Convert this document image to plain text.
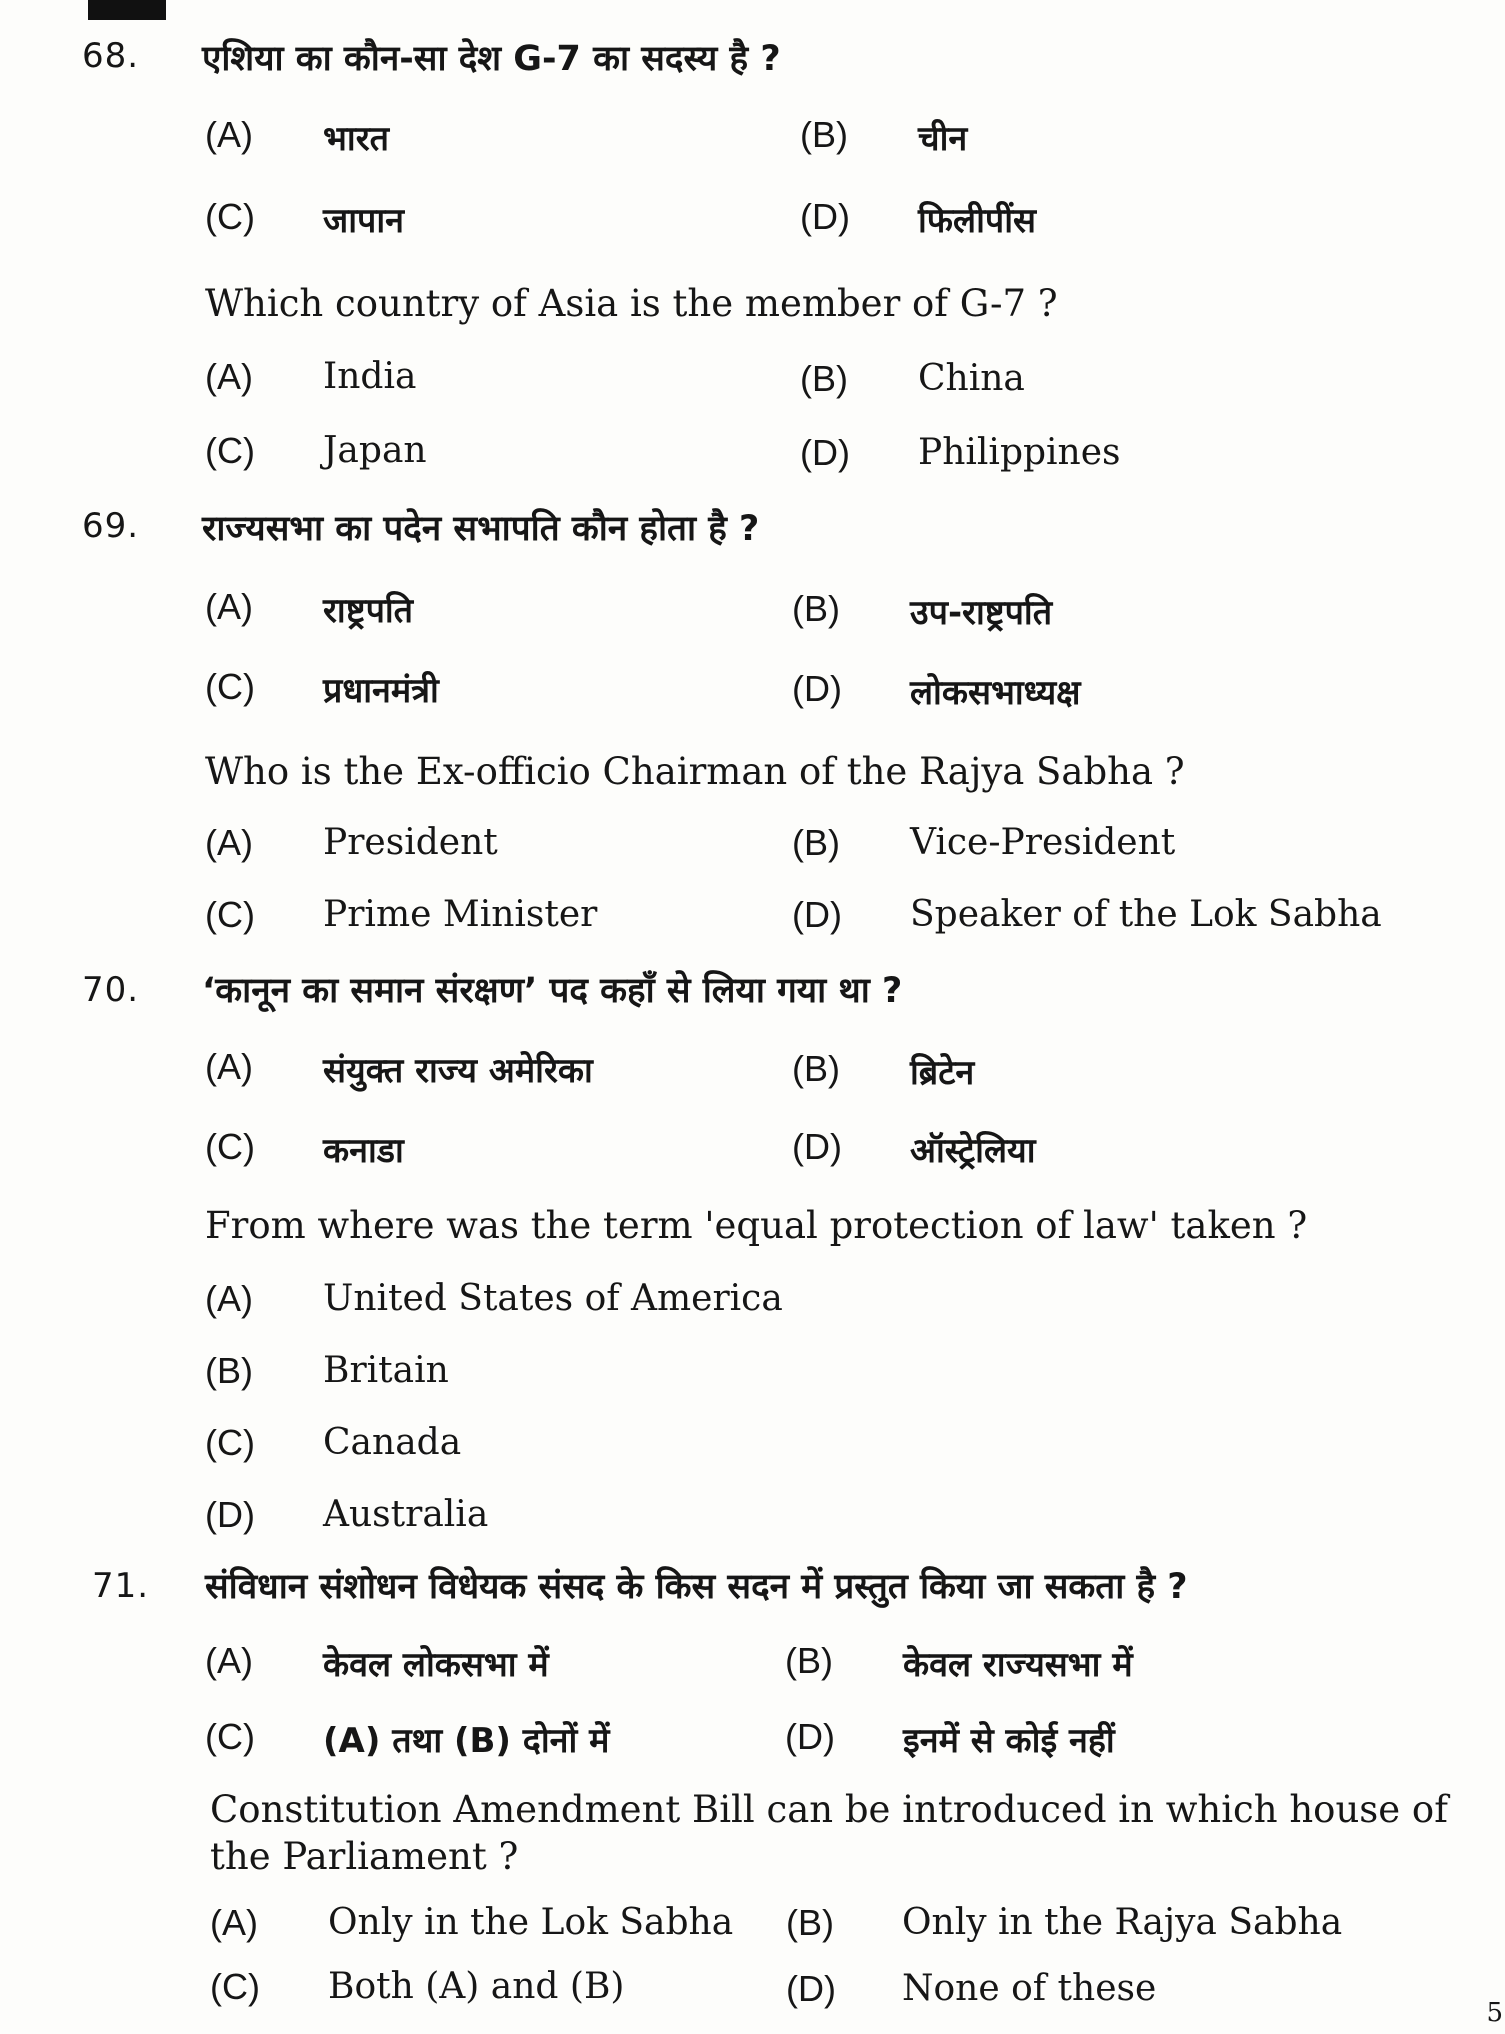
68. एशिया का कौन-सा देश G-7 का सदस्य है ?
(A) भारत	(B) चीन
(C) जापान	(D) फिलीपींस
Which country of Asia is the member of G-7 ?
(A) India	(B) China
(C) Japan	(D) Philippines
69. राज्यसभा का पदेन सभापति कौन होता है ?
(A) राष्ट्रपति	(B) उप-राष्ट्रपति
(C) प्रधानमंत्री	(D) लोकसभाध्यक्ष
Who is the Ex-officio Chairman of the Rajya Sabha ?
(A) President	(B) Vice-President
(C) Prime Minister	(D) Speaker of the Lok Sabha
70. ‘कानून का समान संरक्षण’ पद कहाँ से लिया गया था ?
(A) संयुक्त राज्य अमेरिका	(B) ब्रिटेन
(C) कनाडा	(D) ऑस्ट्रेलिया
From where was the term 'equal protection of law' taken ?
(A) United States of America
(B) Britain
(C) Canada
(D) Australia
71. संविधान संशोधन विधेयक संसद के किस सदन में प्रस्तुत किया जा सकता है ?
(A) केवल लोकसभा में	(B) केवल राज्यसभा में
(C) (A) तथा (B) दोनों में	(D) इनमें से कोई नहीं
Constitution Amendment Bill can be introduced in which house of the Parliament ?
(A) Only in the Lok Sabha (B) Only in the Rajya Sabha
(C) Both (A) and (B)	(D) None of these
5
